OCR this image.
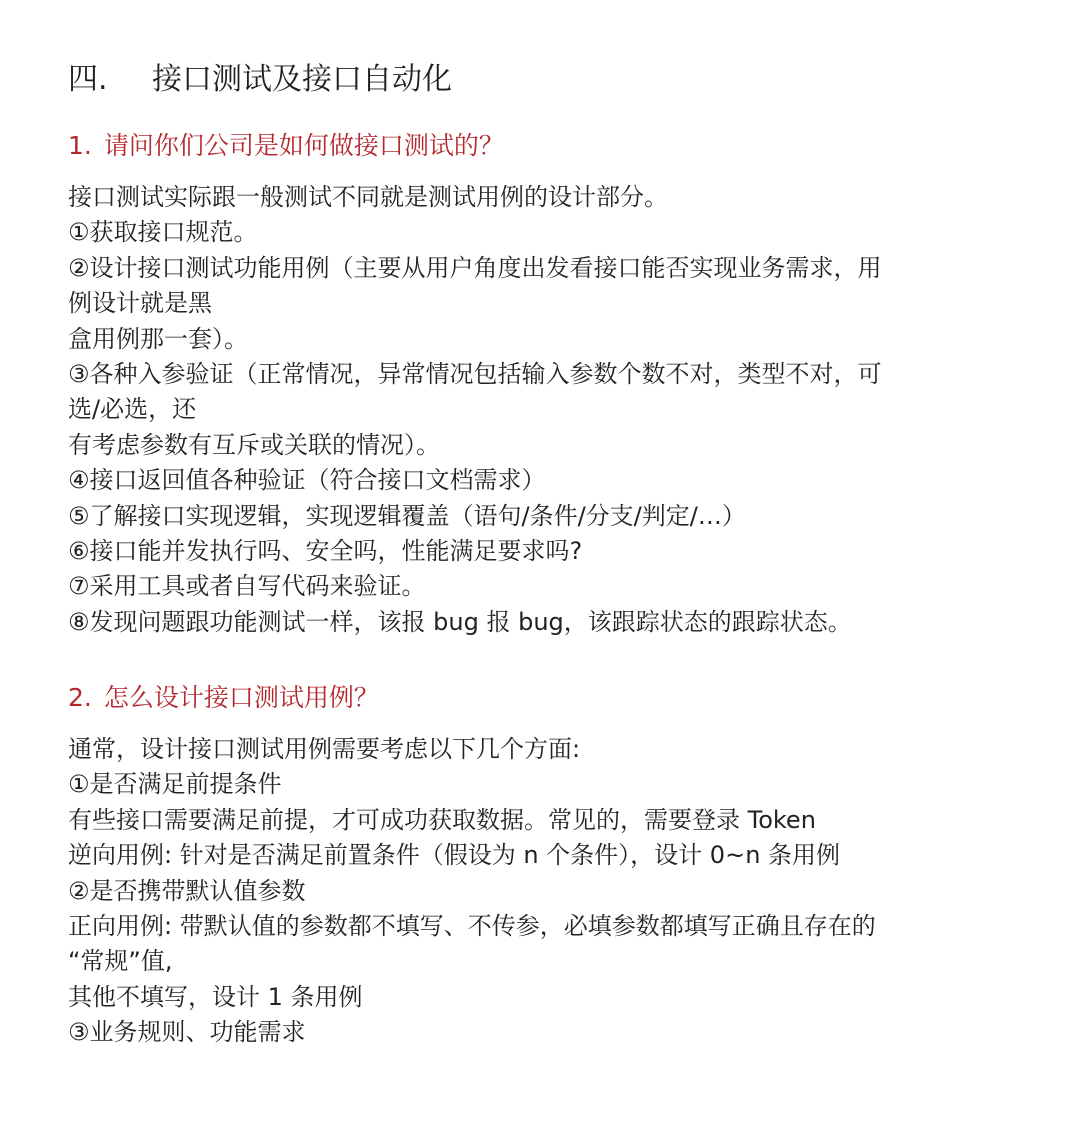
四. 接口测试及接口自动化
1. 请问你们公司是如何做接口测试的？
接口测试实际跟一般测试不同就是测试用例的设计部分。
①获取接口规范。
②设计接口测试功能用例（主要从用户角度出发看接口能否实现业务需求，用
例设计就是黑
盒用例那一套）。
③各种入参验证（正常情况，异常情况包括输入参数个数不对，类型不对，可
选/必选，还
有考虑参数有互斥或关联的情况）。
④接口返回值各种验证（符合接口文档需求）
⑤了解接口实现逻辑，实现逻辑覆盖（语句/条件/分支/判定/…）
⑥接口能并发执行吗、安全吗，性能满足要求吗?
⑦采用工具或者自写代码来验证。
⑧发现问题跟功能测试一样，该报 bug 报 bug，该跟踪状态的跟踪状态。
2. 怎么设计接口测试用例？
通常，设计接口测试用例需要考虑以下几个方面:
①是否满足前提条件
有些接口需要满足前提，才可成功获取数据。常见的，需要登录 Token
逆向用例: 针对是否满足前置条件（假设为 n 个条件），设计 0~n 条用例
②是否携带默认值参数
正向用例: 带默认值的参数都不填写、不传参，必填参数都填写正确且存在的
“常规”值,
其他不填写，设计 1 条用例
③业务规则、功能需求
